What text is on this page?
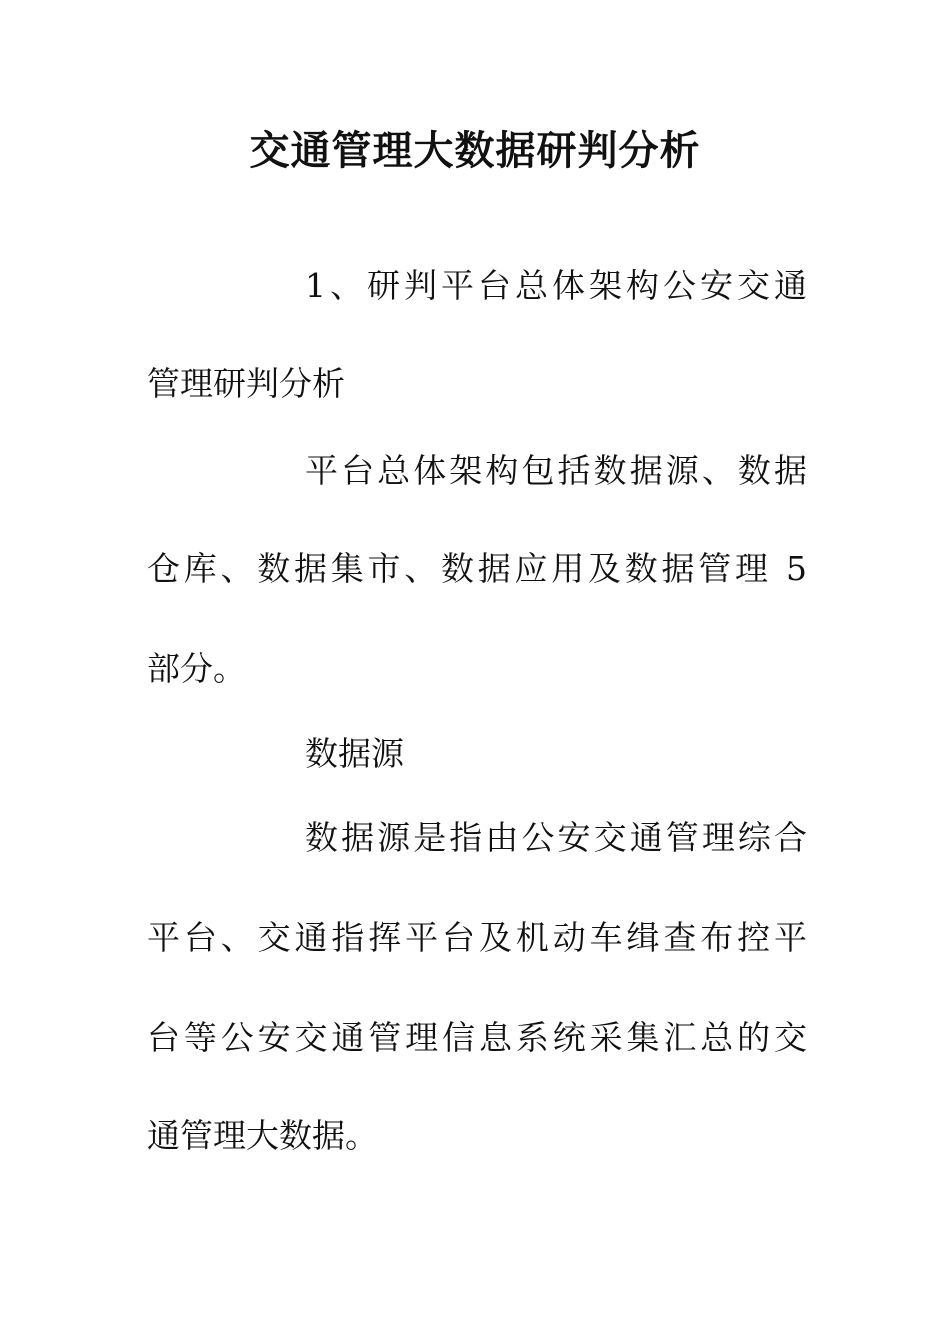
交通管理大数据研判分析

1、研判平台总体架构公安交通

管理研判分析

平台总体架构包括数据源、数据

仓库、数据集市、数据应用及数据管理 5

部分。

数据源

数据源是指由公安交通管理综合

平台、交通指挥平台及机动车缉查布控平

台等公安交通管理信息系统采集汇总的交

通管理大数据。
